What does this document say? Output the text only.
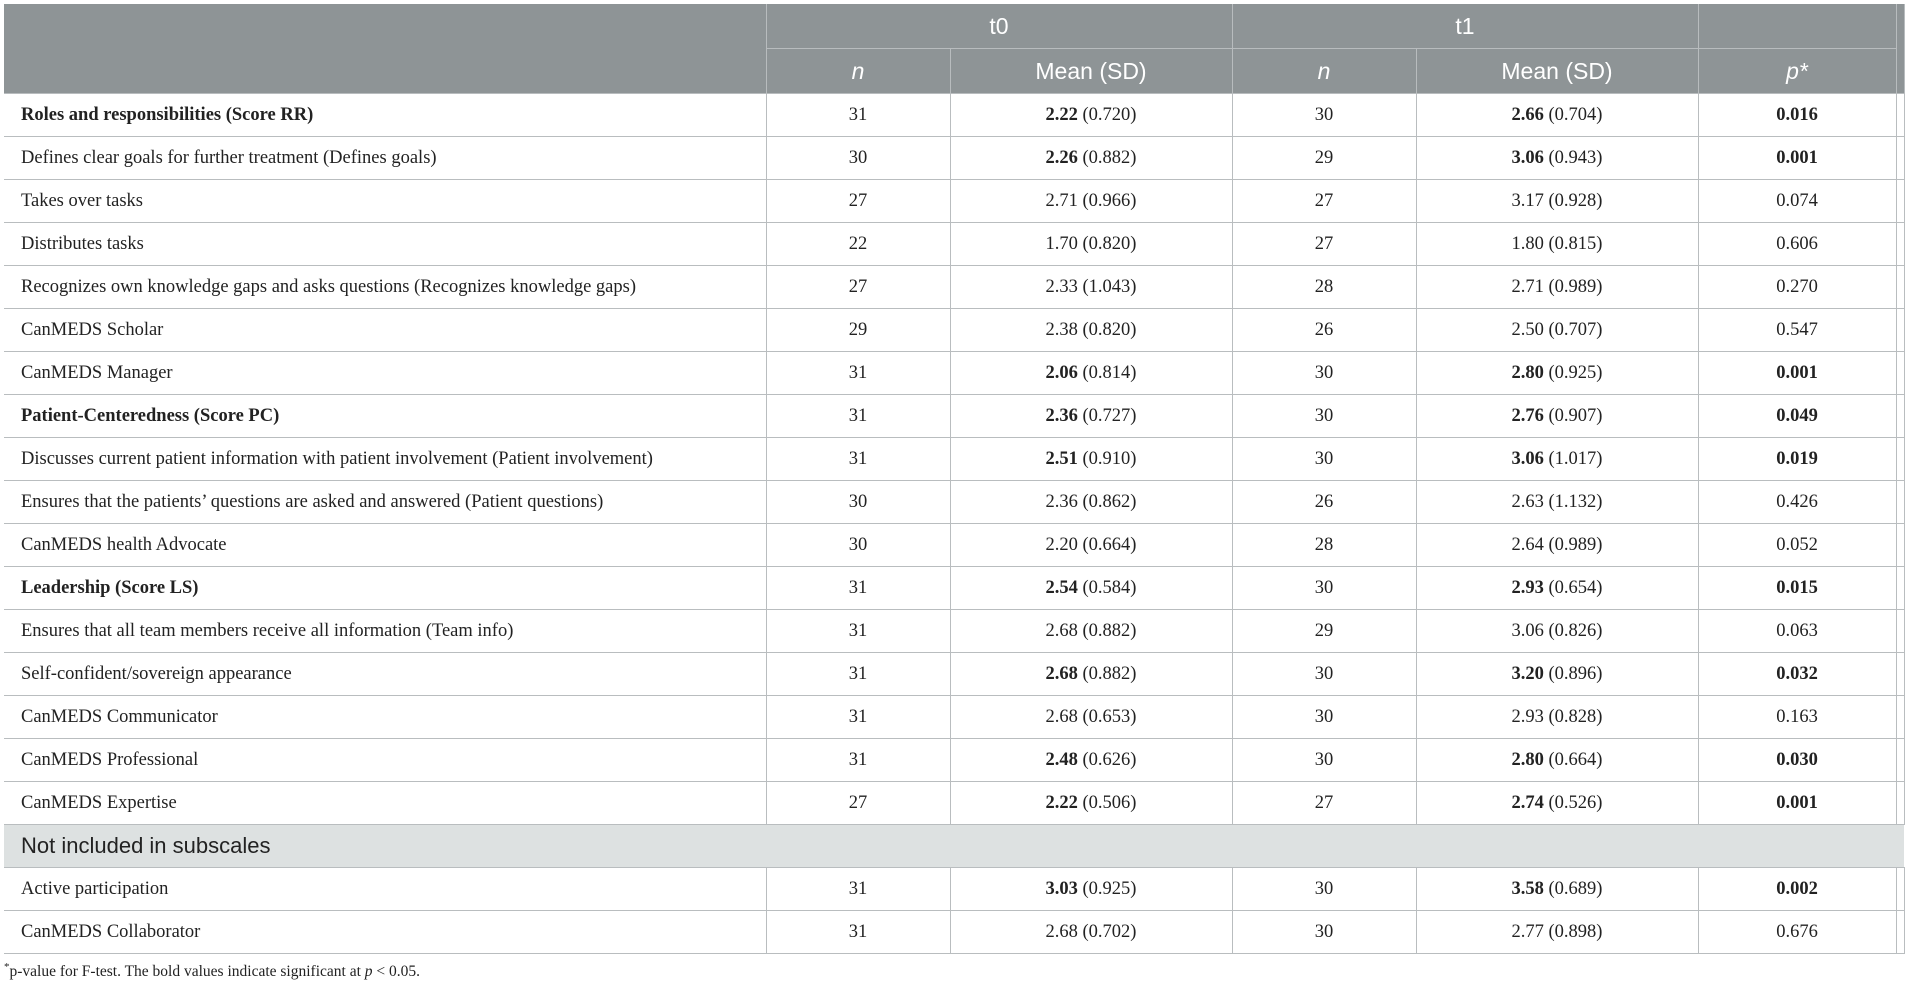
	t0		t1			
	n	Mean (SD)	n	Mean (SD)	p*	
Roles and responsibilities (Score RR)	31	2.22 (0.720)	30	2.66 (0.704)	0.016	
Defines clear goals for further treatment (Defines goals)	30	2.26 (0.882)	29	3.06 (0.943)	0.001	
Takes over tasks	27	2.71 (0.966)	27	3.17 (0.928)	0.074	
Distributes tasks	22	1.70 (0.820)	27	1.80 (0.815)	0.606	
Recognizes own knowledge gaps and asks questions (Recognizes knowledge gaps)	27	2.33 (1.043)	28	2.71 (0.989)	0.270	
CanMEDS Scholar	29	2.38 (0.820)	26	2.50 (0.707)	0.547	
CanMEDS Manager	31	2.06 (0.814)	30	2.80 (0.925)	0.001	
Patient-Centeredness (Score PC)	31	2.36 (0.727)	30	2.76 (0.907)	0.049	
Discusses current patient information with patient involvement (Patient involvement)	31	2.51 (0.910)	30	3.06 (1.017)	0.019	
Ensures that the patients’ questions are asked and answered (Patient questions)	30	2.36 (0.862)	26	2.63 (1.132)	0.426	
CanMEDS health Advocate	30	2.20 (0.664)	28	2.64 (0.989)	0.052	
Leadership (Score LS)	31	2.54 (0.584)	30	2.93 (0.654)	0.015	
Ensures that all team members receive all information (Team info)	31	2.68 (0.882)	29	3.06 (0.826)	0.063	
Self-confident/sovereign appearance	31	2.68 (0.882)	30	3.20 (0.896)	0.032	
CanMEDS Communicator	31	2.68 (0.653)	30	2.93 (0.828)	0.163	
CanMEDS Professional	31	2.48 (0.626)	30	2.80 (0.664)	0.030	
CanMEDS Expertise	27	2.22 (0.506)	27	2.74 (0.526)	0.001	
Not included in subscales						
Active participation	31	3.03 (0.925)	30	3.58 (0.689)	0.002	
CanMEDS Collaborator	31	2.68 (0.702)	30	2.77 (0.898)	0.676	
*p-value for F-test. The bold values indicate significant at p < 0.05.
